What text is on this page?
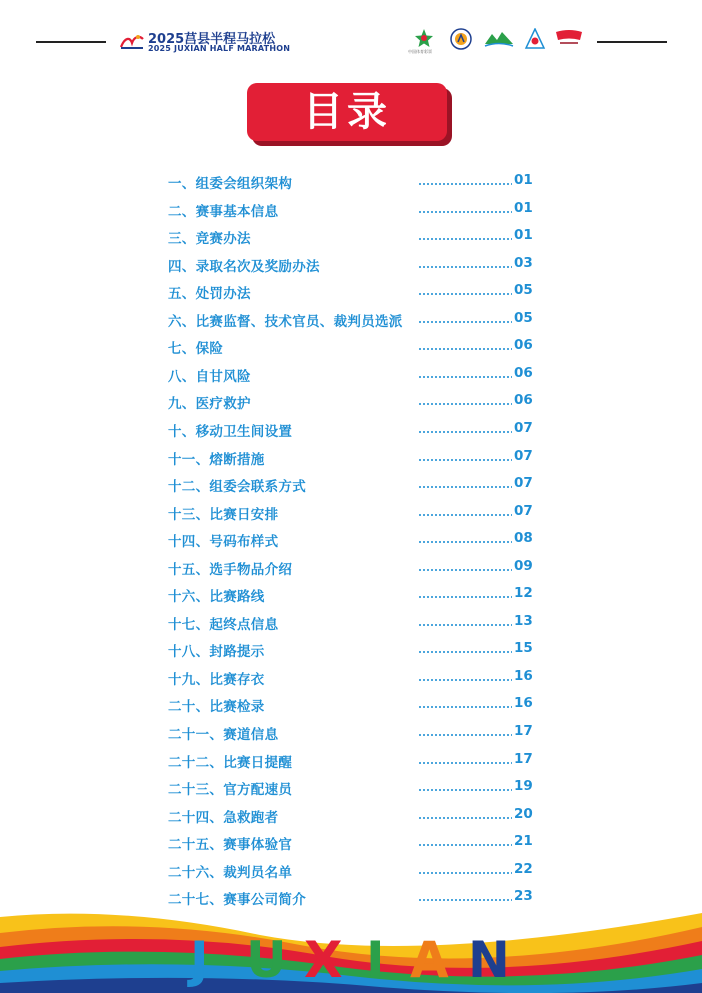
2025莒县半程马拉松
2025 JUXIAN HALF MARATHON	中国体育彩票
目录
一、组委会组织架构	01
二、赛事基本信息	01
三、竞赛办法	01
四、录取名次及奖励办法	03
五、处罚办法	05
六、比赛监督、技术官员、裁判员选派	05
七、保险	06
八、自甘风险	06
九、医疗救护	06
十、移动卫生间设置	07
十一、熔断措施	07
十二、组委会联系方式	07
十三、比赛日安排	07
十四、号码布样式	08
十五、选手物品介绍	09
十六、比赛路线	12
十七、起终点信息	13
十八、封路提示	15
十九、比赛存衣	16
二十、比赛检录	16
二十一、赛道信息	17
二十二、比赛日提醒	17
二十三、官方配速员	19
二十四、急救跑者	20
二十五、赛事体验官	21
二十六、裁判员名单	22
二十七、赛事公司简介	23
J U X I A N
